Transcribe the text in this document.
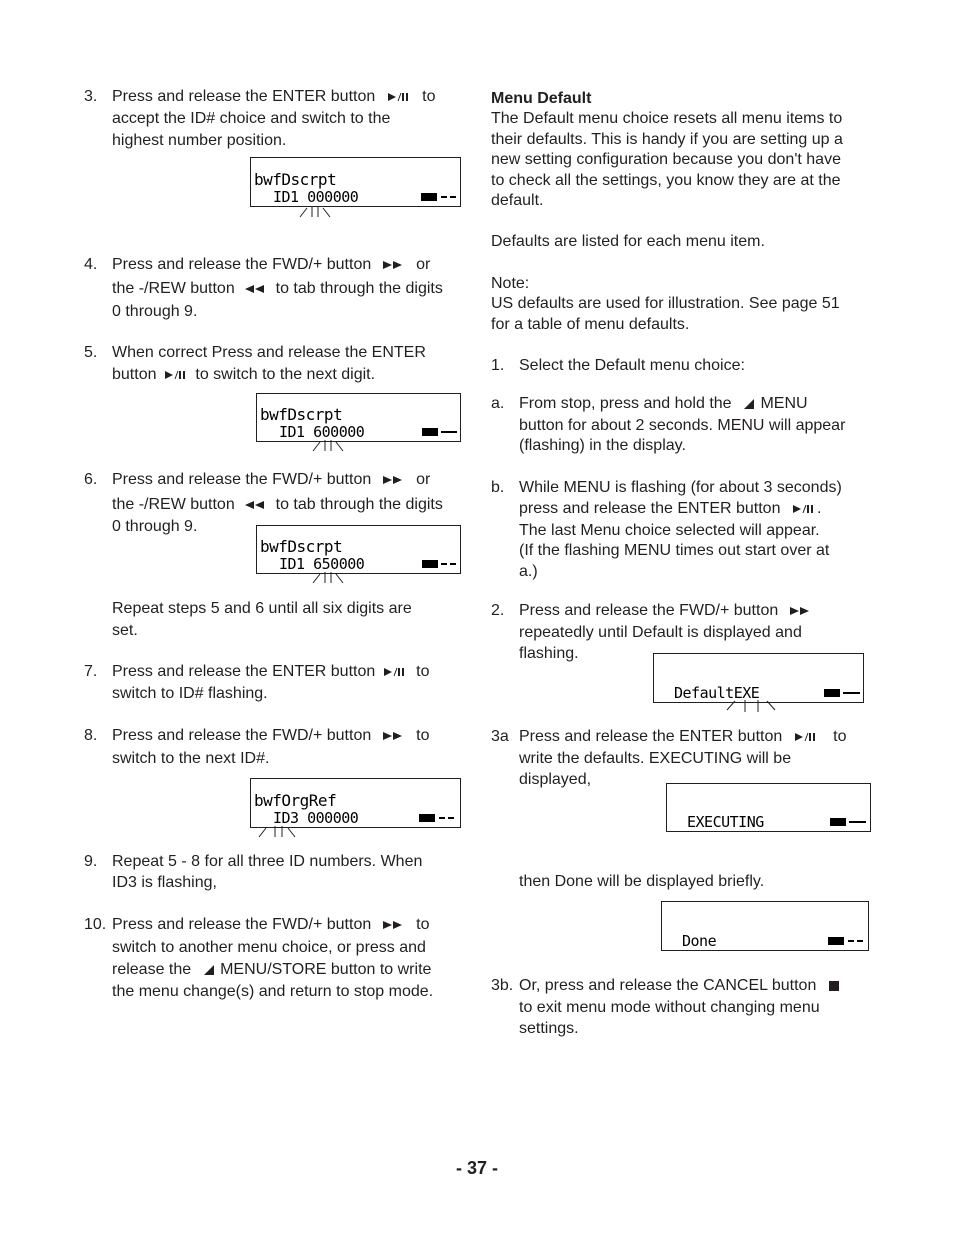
3. Press and release the ENTER button	to
accept the ID# choice and switch to the
highest number position.
bwfDscrpt
ID1 000000
4. Press and release the FWD/+ button	or
the -/REW button	to tab through the digits
0 through 9.
5. When correct Press and release the ENTER
button to switch to the next digit.
bwfDscrpt
ID1 600000
6. Press and release the FWD/+ button	or
the -/REW button	to tab through the digits
0 through 9.
bwfDscrpt
ID1 650000
Repeat steps 5 and 6 until all six digits are
set.
7. Press and release the ENTER button	to
switch to ID# flashing.
8. Press and release the FWD/+ button	to
switch to the next ID#.
bwfOrgRef
ID3 000000
9. Repeat 5 - 8 for all three ID numbers. When
ID3 is flashing,
10. Press and release the FWD/+ button	to
switch to another menu choice, or press and
release the MENU/STORE button to write
the menu change(s) and return to stop mode.
Menu Default
The Default menu choice resets all menu items to
their defaults. This is handy if you are setting up a
new setting configuration because you don't have
to check all the settings, you know they are at the
default.
Defaults are listed for each menu item.
Note:
US defaults are used for illustration. See page 51
for a table of menu defaults.
1. Select the Default menu choice:
a. From stop, press and hold the MENU
button for about 2 seconds. MENU will appear
(flashing) in the display.
b. While MENU is flashing (for about 3 seconds)
press and release the ENTER button .
The last Menu choice selected will appear.
(If the flashing MENU times out start over at
a.)
2. Press and release the FWD/+ button
repeatedly until Default is displayed and
flashing.
DefaultEXE
3a Press and release the ENTER button	to
write the defaults. EXECUTING will be
displayed,
EXECUTING
then Done will be displayed briefly.
Done
3b. Or, press and release the CANCEL button
to exit menu mode without changing menu
settings.
- 37 -
